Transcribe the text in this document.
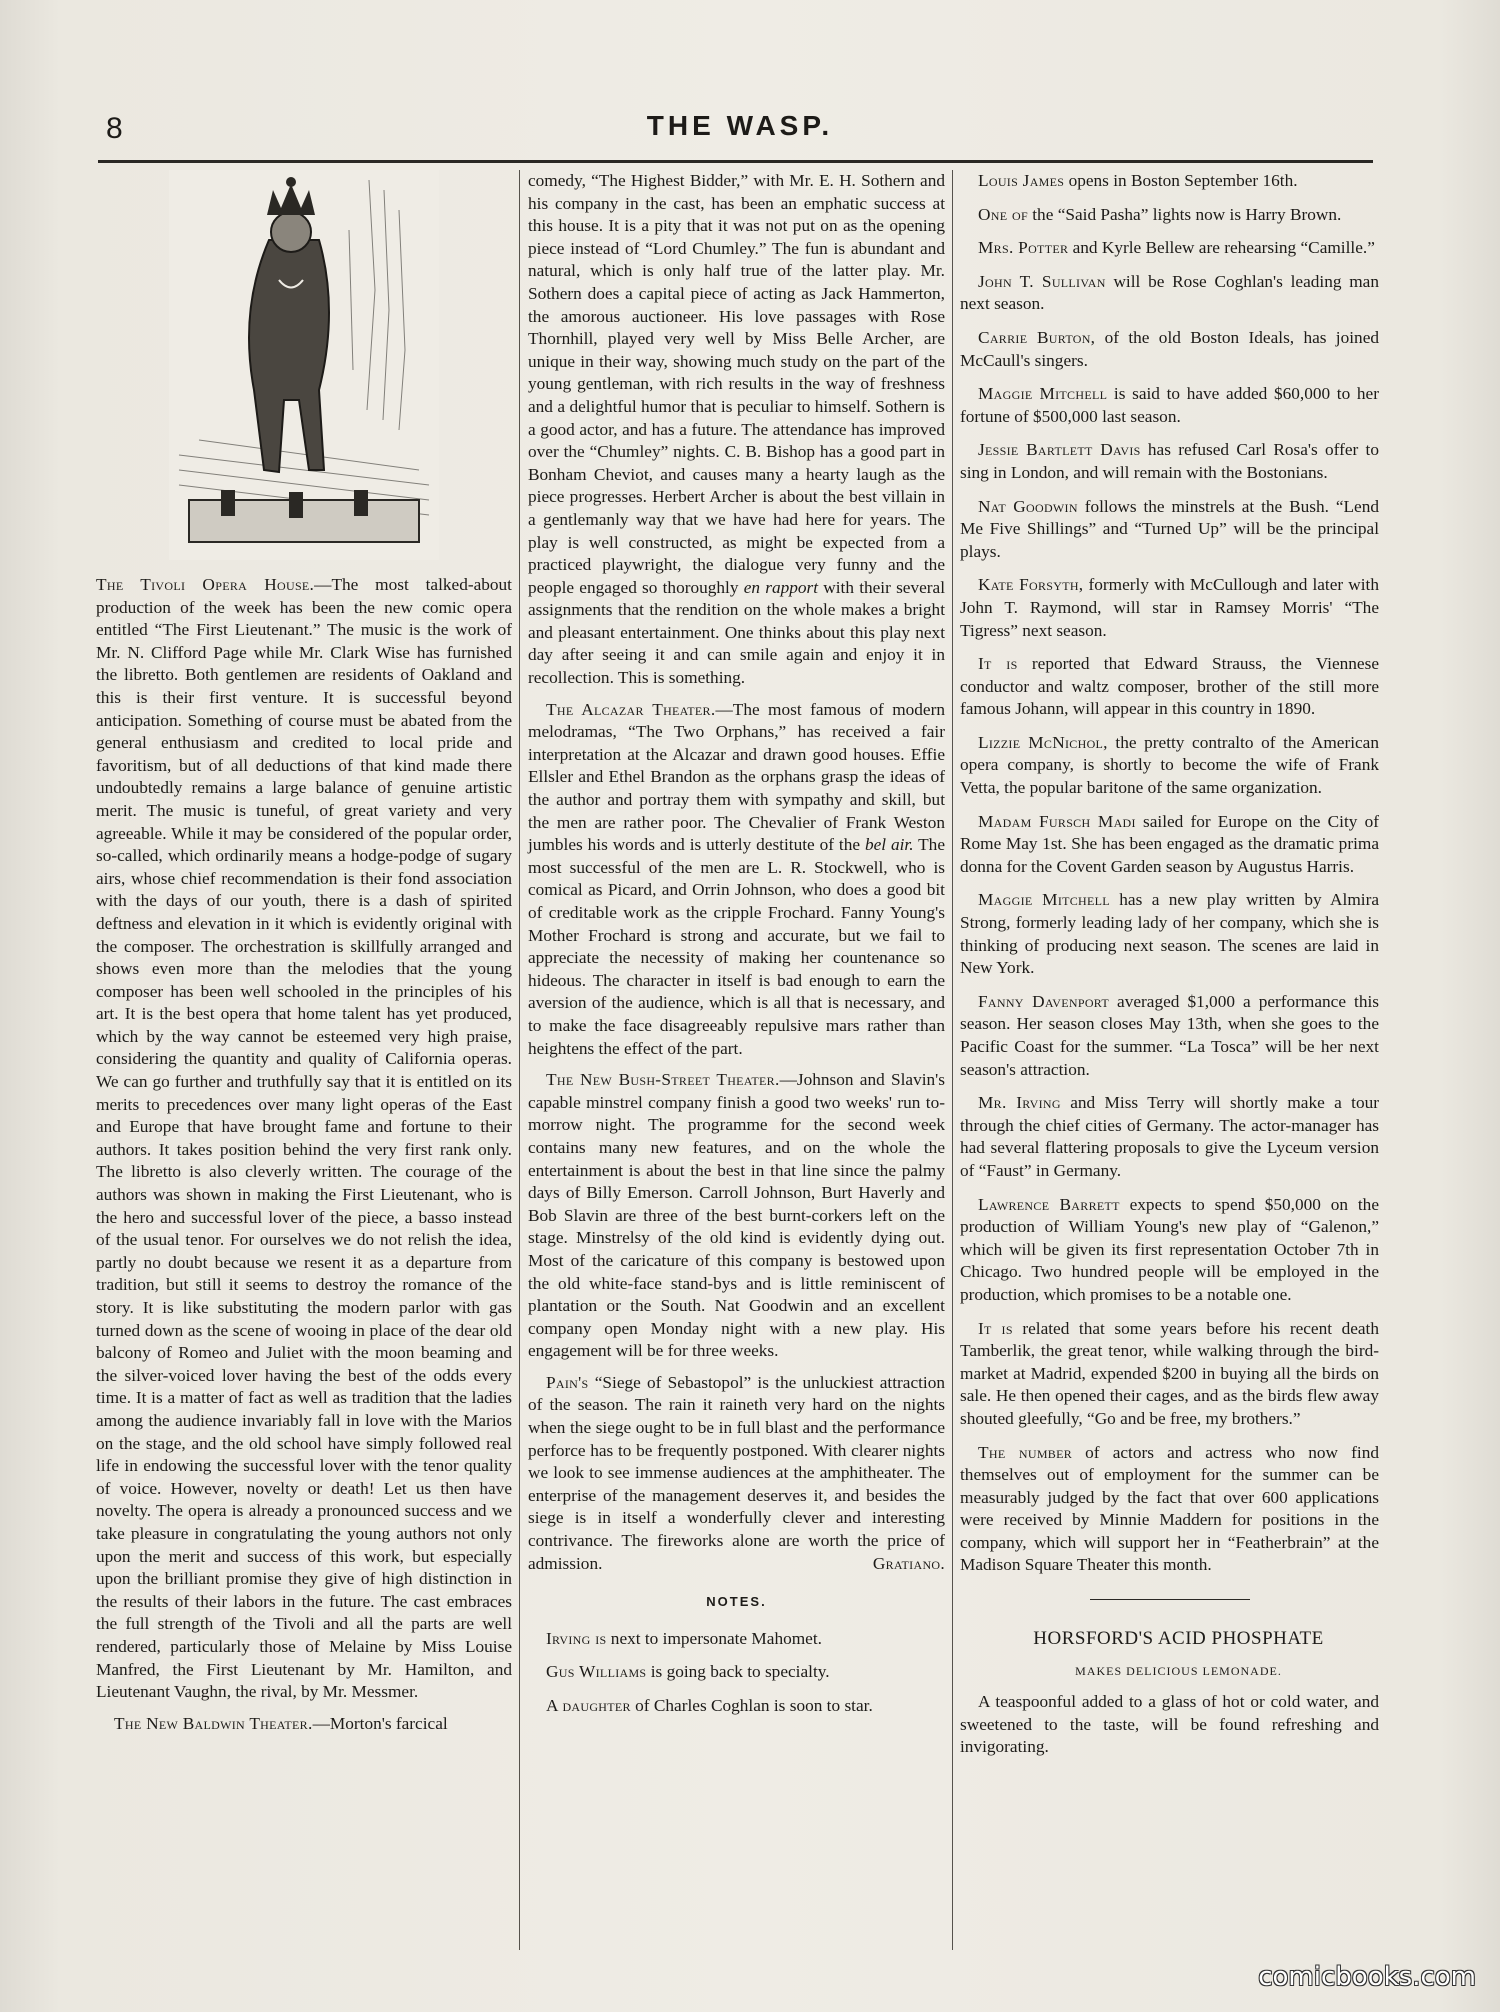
8	THE WASP.

The Tivoli Opera House.—The most talked-about production of the week has been the new comic opera entitled “The First Lieutenant.” The music is the work of Mr. N. Clifford Page while Mr. Clark Wise has furnished the libretto. Both gentlemen are residents of Oakland and this is their first venture. It is successful beyond anticipation. Something of course must be abated from the general enthusiasm and credited to local pride and favoritism, but of all deductions of that kind made there undoubtedly remains a large balance of genuine artistic merit. The music is tuneful, of great variety and very agreeable. While it may be considered of the popular order, so-called, which ordinarily means a hodge-podge of sugary airs, whose chief recommendation is their fond association with the days of our youth, there is a dash of spirited deftness and elevation in it which is evidently original with the composer. The orchestration is skillfully arranged and shows even more than the melodies that the young composer has been well schooled in the principles of his art. It is the best opera that home talent has yet produced, which by the way cannot be esteemed very high praise, considering the quantity and quality of California operas. We can go further and truthfully say that it is entitled on its merits to precedences over many light operas of the East and Europe that have brought fame and fortune to their authors. It takes position behind the very first rank only. The libretto is also cleverly written. The courage of the authors was shown in making the First Lieutenant, who is the hero and successful lover of the piece, a basso instead of the usual tenor. For ourselves we do not relish the idea, partly no doubt because we resent it as a departure from tradition, but still it seems to destroy the romance of the story. It is like substituting the modern parlor with gas turned down as the scene of wooing in place of the dear old balcony of Romeo and Juliet with the moon beaming and the silver-voiced lover having the best of the odds every time. It is a matter of fact as well as tradition that the ladies among the audience invariably fall in love with the Marios on the stage, and the old school have simply followed real life in endowing the successful lover with the tenor quality of voice. However, novelty or death! Let us then have novelty. The opera is already a pronounced success and we take pleasure in congratulating the young authors not only upon the merit and success of this work, but especially upon the brilliant promise they give of high distinction in the results of their labors in the future. The cast embraces the full strength of the Tivoli and all the parts are well rendered, particularly those of Melaine by Miss Louise Manfred, the First Lieutenant by Mr. Hamilton, and Lieutenant Vaughn, the rival, by Mr. Messmer.

The New Baldwin Theater.—Morton's farcical

comedy, “The Highest Bidder,” with Mr. E. H. Sothern and his company in the cast, has been an emphatic success at this house. It is a pity that it was not put on as the opening piece instead of “Lord Chumley.” The fun is abundant and natural, which is only half true of the latter play. Mr. Sothern does a capital piece of acting as Jack Hammerton, the amorous auctioneer. His love passages with Rose Thornhill, played very well by Miss Belle Archer, are unique in their way, showing much study on the part of the young gentleman, with rich results in the way of freshness and a delightful humor that is peculiar to himself. Sothern is a good actor, and has a future. The attendance has improved over the “Chumley” nights. C. B. Bishop has a good part in Bonham Cheviot, and causes many a hearty laugh as the piece progresses. Herbert Archer is about the best villain in a gentlemanly way that we have had here for years. The play is well constructed, as might be expected from a practiced playwright, the dialogue very funny and the people engaged so thoroughly en rapport with their several assignments that the rendition on the whole makes a bright and pleasant entertainment. One thinks about this play next day after seeing it and can smile again and enjoy it in recollection. This is something.

The Alcazar Theater.—The most famous of modern melodramas, “The Two Orphans,” has received a fair interpretation at the Alcazar and drawn good houses. Effie Ellsler and Ethel Brandon as the orphans grasp the ideas of the author and portray them with sympathy and skill, but the men are rather poor. The Chevalier of Frank Weston jumbles his words and is utterly destitute of the bel air. The most successful of the men are L. R. Stockwell, who is comical as Picard, and Orrin Johnson, who does a good bit of creditable work as the cripple Frochard. Fanny Young's Mother Frochard is strong and accurate, but we fail to appreciate the necessity of making her countenance so hideous. The character in itself is bad enough to earn the aversion of the audience, which is all that is necessary, and to make the face disagreeably repulsive mars rather than heightens the effect of the part.

The New Bush-Street Theater.—Johnson and Slavin's capable minstrel company finish a good two weeks' run to-morrow night. The programme for the second week contains many new features, and on the whole the entertainment is about the best in that line since the palmy days of Billy Emerson. Carroll Johnson, Burt Haverly and Bob Slavin are three of the best burnt-corkers left on the stage. Minstrelsy of the old kind is evidently dying out. Most of the caricature of this company is bestowed upon the old white-face stand-bys and is little reminiscent of plantation or the South. Nat Goodwin and an excellent company open Monday night with a new play. His engagement will be for three weeks.

Pain's “Siege of Sebastopol” is the unluckiest attraction of the season. The rain it raineth very hard on the nights when the siege ought to be in full blast and the performance perforce has to be frequently postponed. With clearer nights we look to see immense audiences at the amphitheater. The enterprise of the management deserves it, and besides the siege is in itself a wonderfully clever and interesting contrivance. The fireworks alone are worth the price of admission.	Gratiano.

NOTES.

Irving is next to impersonate Mahomet.

Gus Williams is going back to specialty.

A daughter of Charles Coghlan is soon to star.

Louis James opens in Boston September 16th.

One of the “Said Pasha” lights now is Harry Brown.

Mrs. Potter and Kyrle Bellew are rehearsing “Camille.”

John T. Sullivan will be Rose Coghlan's leading man next season.

Carrie Burton, of the old Boston Ideals, has joined McCaull's singers.

Maggie Mitchell is said to have added $60,000 to her fortune of $500,000 last season.

Jessie Bartlett Davis has refused Carl Rosa's offer to sing in London, and will remain with the Bostonians.

Nat Goodwin follows the minstrels at the Bush. “Lend Me Five Shillings” and “Turned Up” will be the principal plays.

Kate Forsyth, formerly with McCullough and later with John T. Raymond, will star in Ramsey Morris' “The Tigress” next season.

It is reported that Edward Strauss, the Viennese conductor and waltz composer, brother of the still more famous Johann, will appear in this country in 1890.

Lizzie McNichol, the pretty contralto of the American opera company, is shortly to become the wife of Frank Vetta, the popular baritone of the same organization.

Madam Fursch Madi sailed for Europe on the City of Rome May 1st. She has been engaged as the dramatic prima donna for the Covent Garden season by Augustus Harris.

Maggie Mitchell has a new play written by Almira Strong, formerly leading lady of her company, which she is thinking of producing next season. The scenes are laid in New York.

Fanny Davenport averaged $1,000 a performance this season. Her season closes May 13th, when she goes to the Pacific Coast for the summer. “La Tosca” will be her next season's attraction.

Mr. Irving and Miss Terry will shortly make a tour through the chief cities of Germany. The actor-manager has had several flattering proposals to give the Lyceum version of “Faust” in Germany.

Lawrence Barrett expects to spend $50,000 on the production of William Young's new play of “Galenon,” which will be given its first representation October 7th in Chicago. Two hundred people will be employed in the production, which promises to be a notable one.

It is related that some years before his recent death Tamberlik, the great tenor, while walking through the bird-market at Madrid, expended $200 in buying all the birds on sale. He then opened their cages, and as the birds flew away shouted gleefully, “Go and be free, my brothers.”

The number of actors and actress who now find themselves out of employment for the summer can be measurably judged by the fact that over 600 applications were received by Minnie Maddern for positions in the company, which will support her in “Featherbrain” at the Madison Square Theater this month.

HORSFORD'S ACID PHOSPHATE

MAKES DELICIOUS LEMONADE.

A teaspoonful added to a glass of hot or cold water, and sweetened to the taste, will be found refreshing and invigorating.

comicbooks.com
